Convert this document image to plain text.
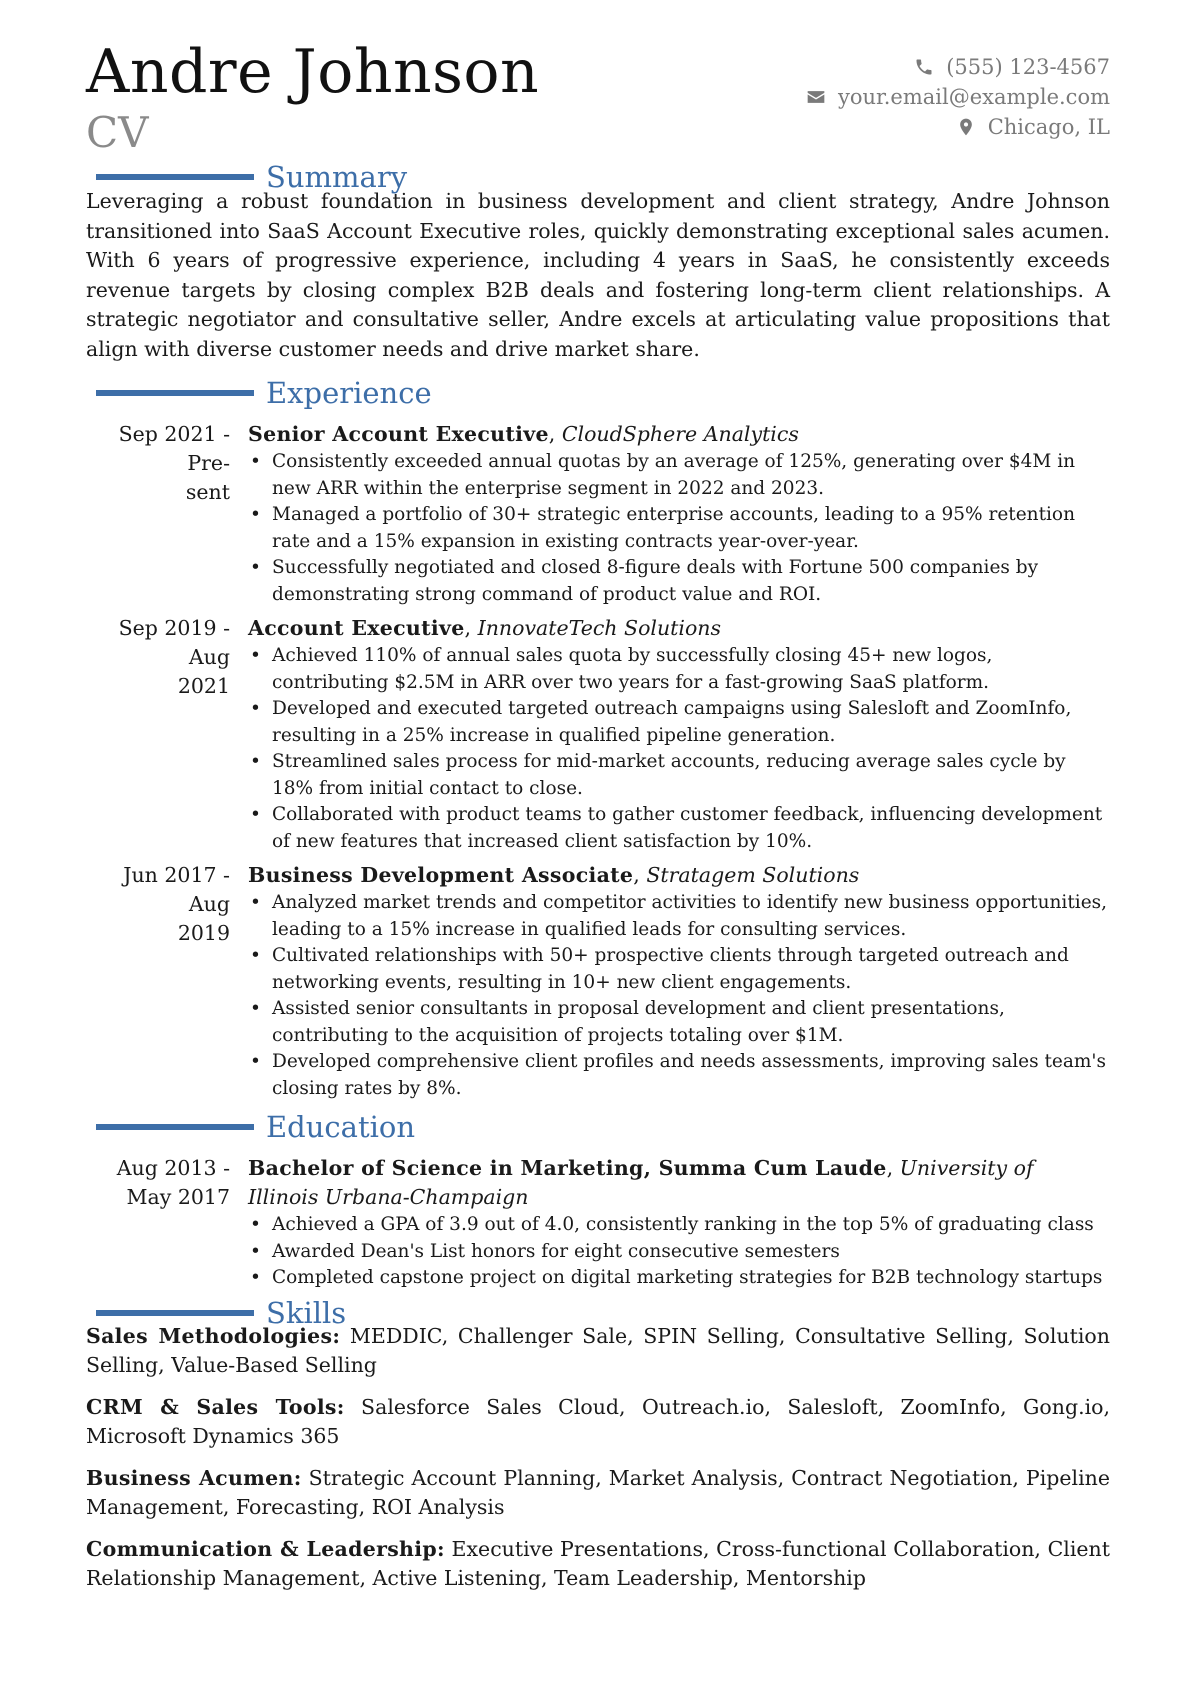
Andre Johnson
CV
(555) 123-4567
your.email@example.com
Chicago, IL
Summary

Leveraging a robust foundation in business development and client strategy, Andre Johnson transitioned into SaaS Account Executive roles, quickly demonstrating exceptional sales acumen. With 6 years of progressive experience, including 4 years in SaaS, he consistently exceeds revenue targets by closing complex B2B deals and fostering long-term client relationships. A strategic negotiator and consultative seller, Andre excels at articulating value propositions that align with diverse customer needs and drive market share.

Experience
Sep 2021 - Pre-
sent
Senior Account Executive, CloudSphere Analytics
• Consistently exceeded annual quotas by an average of 125%, generating over $4M in new ARR within the enterprise segment in 2022 and 2023.
• Managed a portfolio of 30+ strategic enterprise accounts, leading to a 95% retention rate and a 15% expansion in existing contracts year-over-year.
• Successfully negotiated and closed 8-figure deals with Fortune 500 companies by demonstrating strong command of product value and ROI.
Sep 2019 - Aug
2021
Account Executive, InnovateTech Solutions
• Achieved 110% of annual sales quota by successfully closing 45+ new logos, contributing $2.5M in ARR over two years for a fast-growing SaaS platform.
• Developed and executed targeted outreach campaigns using Salesloft and ZoomInfo, resulting in a 25% increase in qualified pipeline generation.
• Streamlined sales process for mid-market accounts, reducing average sales cycle by 18% from initial contact to close.
• Collaborated with product teams to gather customer feedback, influencing development of new features that increased client satisfaction by 10%.
Jun 2017 - Aug
2019
Business Development Associate, Stratagem Solutions
• Analyzed market trends and competitor activities to identify new business opportunities, leading to a 15% increase in qualified leads for consulting services.
• Cultivated relationships with 50+ prospective clients through targeted outreach and networking events, resulting in 10+ new client engagements.
• Assisted senior consultants in proposal development and client presentations, contributing to the acquisition of projects totaling over $1M.
• Developed comprehensive client profiles and needs assessments, improving sales team's closing rates by 8%.
Education
Aug 2013 -
May 2017
Bachelor of Science in Marketing, Summa Cum Laude, University of Illinois Urbana-Champaign
• Achieved a GPA of 3.9 out of 4.0, consistently ranking in the top 5% of graduating class
• Awarded Dean's List honors for eight consecutive semesters
• Completed capstone project on digital marketing strategies for B2B technology startups
Skills

Sales Methodologies: MEDDIC, Challenger Sale, SPIN Selling, Consultative Selling, Solution Selling, Value-Based Selling

CRM & Sales Tools: Salesforce Sales Cloud, Outreach.io, Salesloft, ZoomInfo, Gong.io, Microsoft Dynamics 365

Business Acumen: Strategic Account Planning, Market Analysis, Contract Negotiation, Pipeline Management, Forecasting, ROI Analysis

Communication & Leadership: Executive Presentations, Cross-functional Collaboration, Client Relationship Management, Active Listening, Team Leadership, Mentorship
